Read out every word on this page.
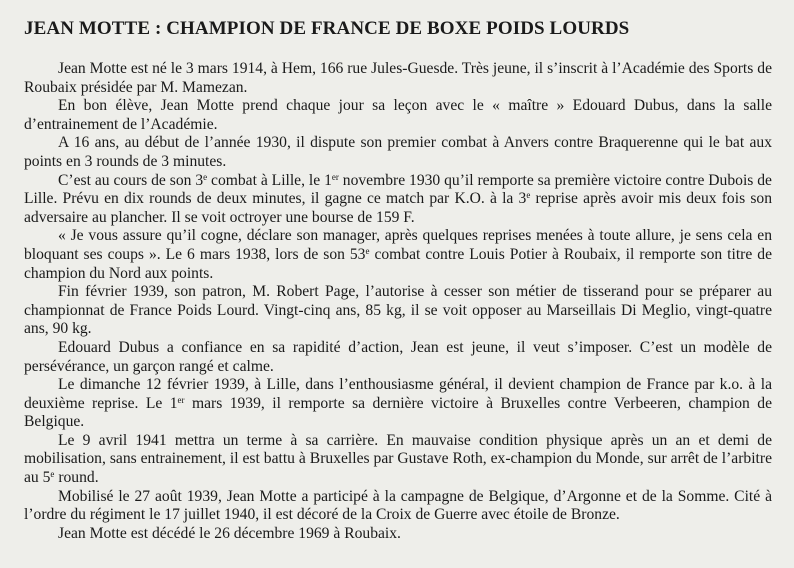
JEAN MOTTE : CHAMPION DE FRANCE DE BOXE POIDS LOURDS

Jean Motte est né le 3 mars 1914, à Hem, 166 rue Jules-Guesde. Très jeune, il s’inscrit à l’Académie des Sports de Roubaix présidée par M. Mamezan.

En bon élève, Jean Motte prend chaque jour sa leçon avec le « maître » Edouard Dubus, dans la salle d’entrainement de l’Académie.

A 16 ans, au début de l’année 1930, il dispute son premier combat à Anvers contre Braquerenne qui le bat aux points en 3 rounds de 3 minutes.

C’est au cours de son 3e combat à Lille, le 1er novembre 1930 qu’il remporte sa première victoire contre Dubois de Lille. Prévu en dix rounds de deux minutes, il gagne ce match par K.O. à la 3e reprise après avoir mis deux fois son adversaire au plancher. Il se voit octroyer une bourse de 159 F.

« Je vous assure qu’il cogne, déclare son manager, après quelques reprises menées à toute allure, je sens cela en bloquant ses coups ». Le 6 mars 1938, lors de son 53e combat contre Louis Potier à Roubaix, il remporte son titre de champion du Nord aux points.

Fin février 1939, son patron, M. Robert Page, l’autorise à cesser son métier de tisserand pour se préparer au championnat de France Poids Lourd. Vingt-cinq ans, 85 kg, il se voit opposer au Marseillais Di Meglio, vingt-quatre ans, 90 kg.

Edouard Dubus a confiance en sa rapidité d’action, Jean est jeune, il veut s’imposer. C’est un modèle de persévérance, un garçon rangé et calme.

Le dimanche 12 février 1939, à Lille, dans l’enthousiasme général, il devient champion de France par k.o. à la deuxième reprise. Le 1er mars 1939, il remporte sa dernière victoire à Bruxelles contre Verbeeren, champion de Belgique.

Le 9 avril 1941 mettra un terme à sa carrière. En mauvaise condition physique après un an et demi de mobilisation, sans entrainement, il est battu à Bruxelles par Gustave Roth, ex-champion du Monde, sur arrêt de l’arbitre au 5e round.

Mobilisé le 27 août 1939, Jean Motte a participé à la campagne de Belgique, d’Argonne et de la Somme. Cité à l’ordre du régiment le 17 juillet 1940, il est décoré de la Croix de Guerre avec étoile de Bronze.

Jean Motte est décédé le 26 décembre 1969 à Roubaix.
